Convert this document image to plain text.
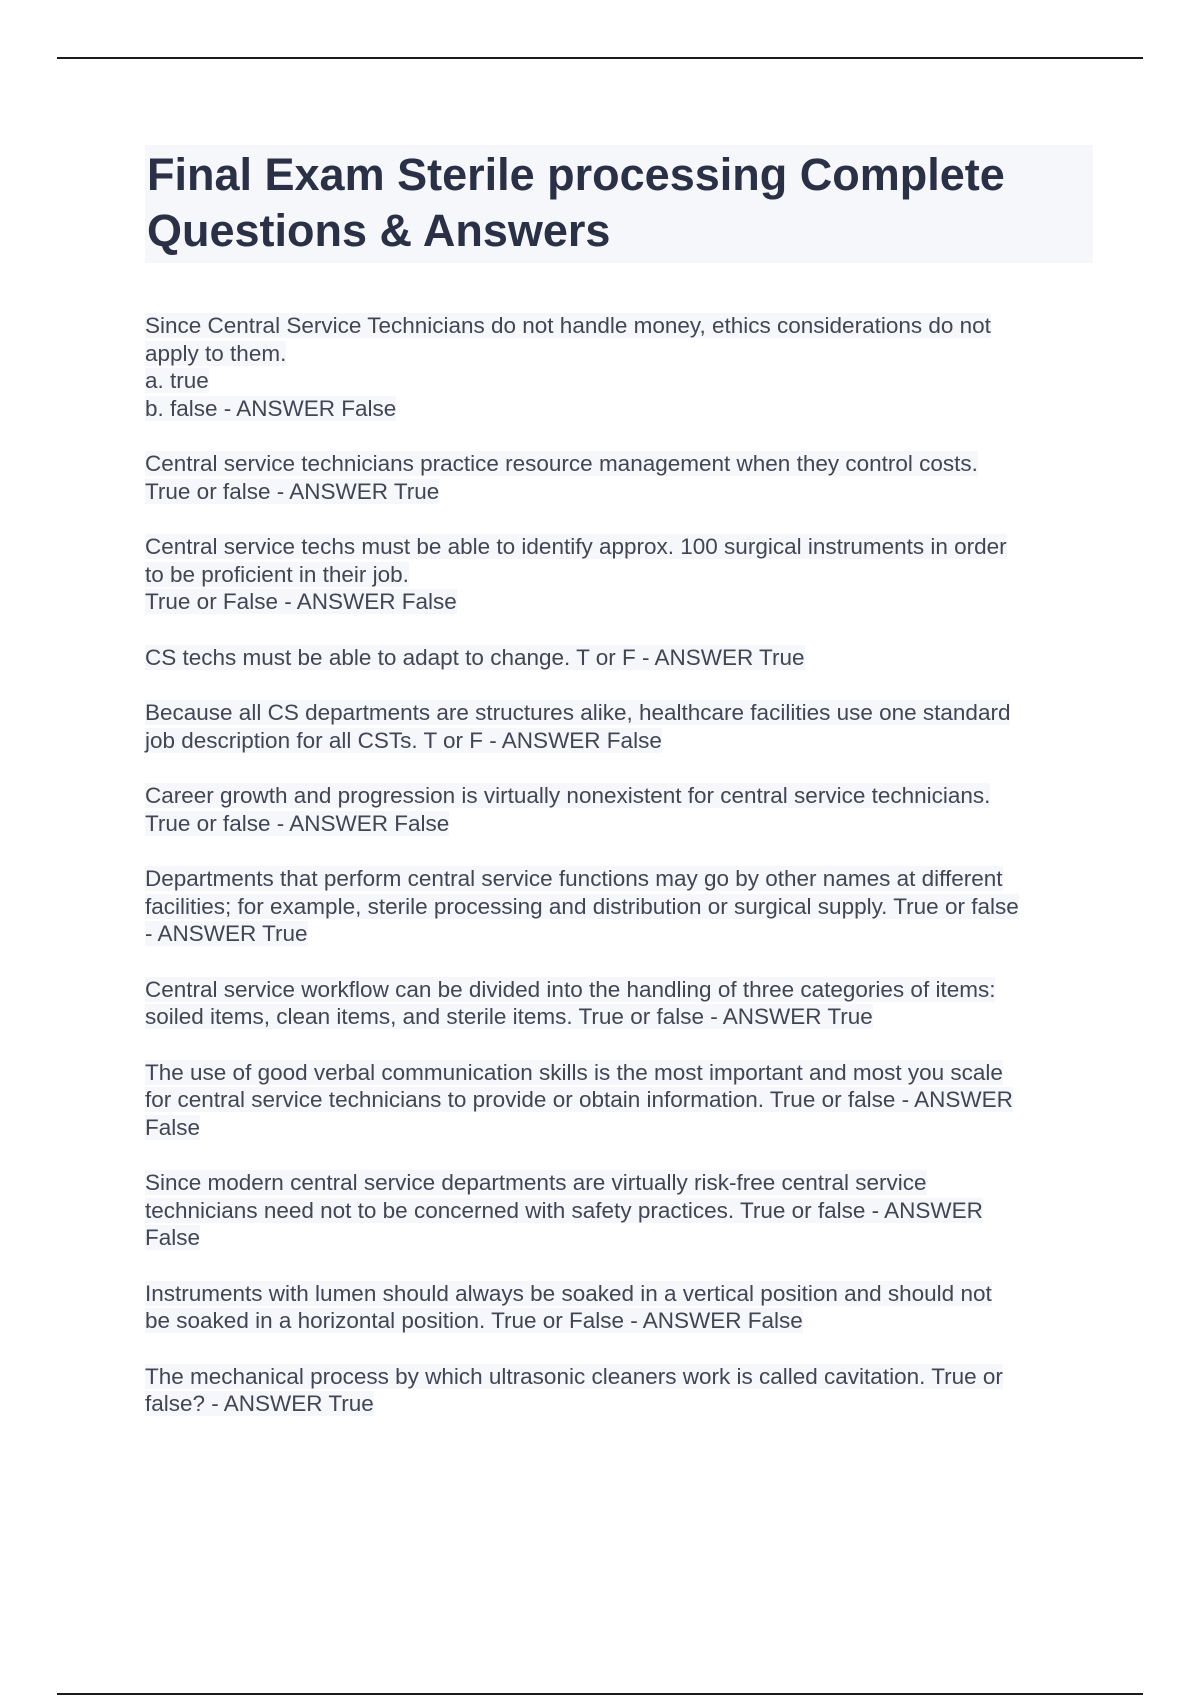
Final Exam Sterile processing Complete
Questions & Answers
Since Central Service Technicians do not handle money, ethics considerations do not
apply to them.
a. true
b. false - ANSWER False
Central service technicians practice resource management when they control costs.
True or false - ANSWER True
Central service techs must be able to identify approx. 100 surgical instruments in order
to be proficient in their job.
True or False - ANSWER False
CS techs must be able to adapt to change. T or F - ANSWER True
Because all CS departments are structures alike, healthcare facilities use one standard
job description for all CSTs. T or F - ANSWER False
Career growth and progression is virtually nonexistent for central service technicians.
True or false - ANSWER False
Departments that perform central service functions may go by other names at different
facilities; for example, sterile processing and distribution or surgical supply. True or false
- ANSWER True
Central service workflow can be divided into the handling of three categories of items:
soiled items, clean items, and sterile items. True or false - ANSWER True
The use of good verbal communication skills is the most important and most you scale
for central service technicians to provide or obtain information. True or false - ANSWER
False
Since modern central service departments are virtually risk-free central service
technicians need not to be concerned with safety practices. True or false - ANSWER
False
Instruments with lumen should always be soaked in a vertical position and should not
be soaked in a horizontal position. True or False - ANSWER False
The mechanical process by which ultrasonic cleaners work is called cavitation. True or
false? - ANSWER True
